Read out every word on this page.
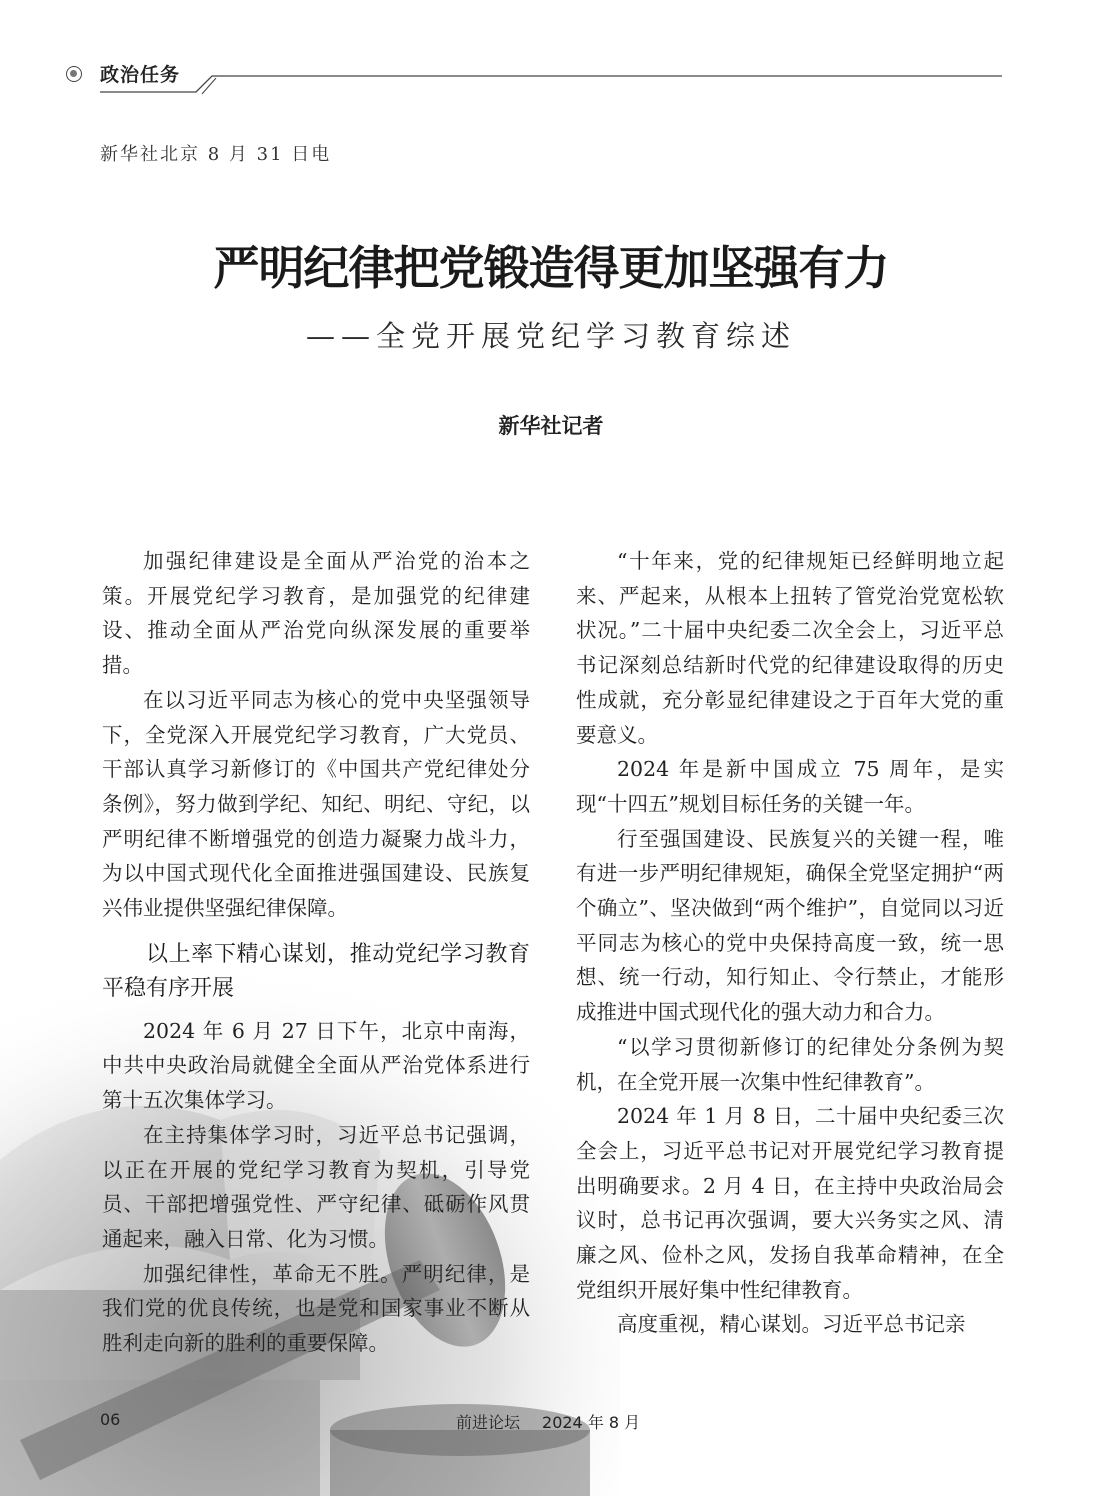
政治任务
新华社北京 8 月 31 日电
严明纪律把党锻造得更加坚强有力
——全党开展党纪学习教育综述
新华社记者

加强纪律建设是全面从严治党的治本之策。开展党纪学习教育，是加强党的纪律建设、推动全面从严治党向纵深发展的重要举措。

在以习近平同志为核心的党中央坚强领导下，全党深入开展党纪学习教育，广大党员、干部认真学习新修订的《中国共产党纪律处分条例》，努力做到学纪、知纪、明纪、守纪，以严明纪律不断增强党的创造力凝聚力战斗力，为以中国式现代化全面推进强国建设、民族复兴伟业提供坚强纪律保障。

以上率下精心谋划，推动党纪学习教育平稳有序开展

2024 年 6 月 27 日下午，北京中南海，中共中央政治局就健全全面从严治党体系进行第十五次集体学习。

在主持集体学习时，习近平总书记强调，以正在开展的党纪学习教育为契机，引导党员、干部把增强党性、严守纪律、砥砺作风贯通起来，融入日常、化为习惯。

加强纪律性，革命无不胜。严明纪律，是我们党的优良传统，也是党和国家事业不断从胜利走向新的胜利的重要保障。

“十年来，党的纪律规矩已经鲜明地立起来、严起来，从根本上扭转了管党治党宽松软状况。”二十届中央纪委二次全会上，习近平总书记深刻总结新时代党的纪律建设取得的历史性成就，充分彰显纪律建设之于百年大党的重要意义。

2024 年是新中国成立 75 周年，是实现“十四五”规划目标任务的关键一年。

行至强国建设、民族复兴的关键一程，唯有进一步严明纪律规矩，确保全党坚定拥护“两个确立”、坚决做到“两个维护”，自觉同以习近平同志为核心的党中央保持高度一致，统一思想、统一行动，知行知止、令行禁止，才能形成推进中国式现代化的强大动力和合力。

“以学习贯彻新修订的纪律处分条例为契机，在全党开展一次集中性纪律教育”。

2024 年 1 月 8 日，二十届中央纪委三次全会上，习近平总书记对开展党纪学习教育提出明确要求。2 月 4 日，在主持中央政治局会议时，总书记再次强调，要大兴务实之风、清廉之风、俭朴之风，发扬自我革命精神，在全党组织开展好集中性纪律教育。

高度重视，精心谋划。习近平总书记亲

06	前进论坛 2024 年 8 月
